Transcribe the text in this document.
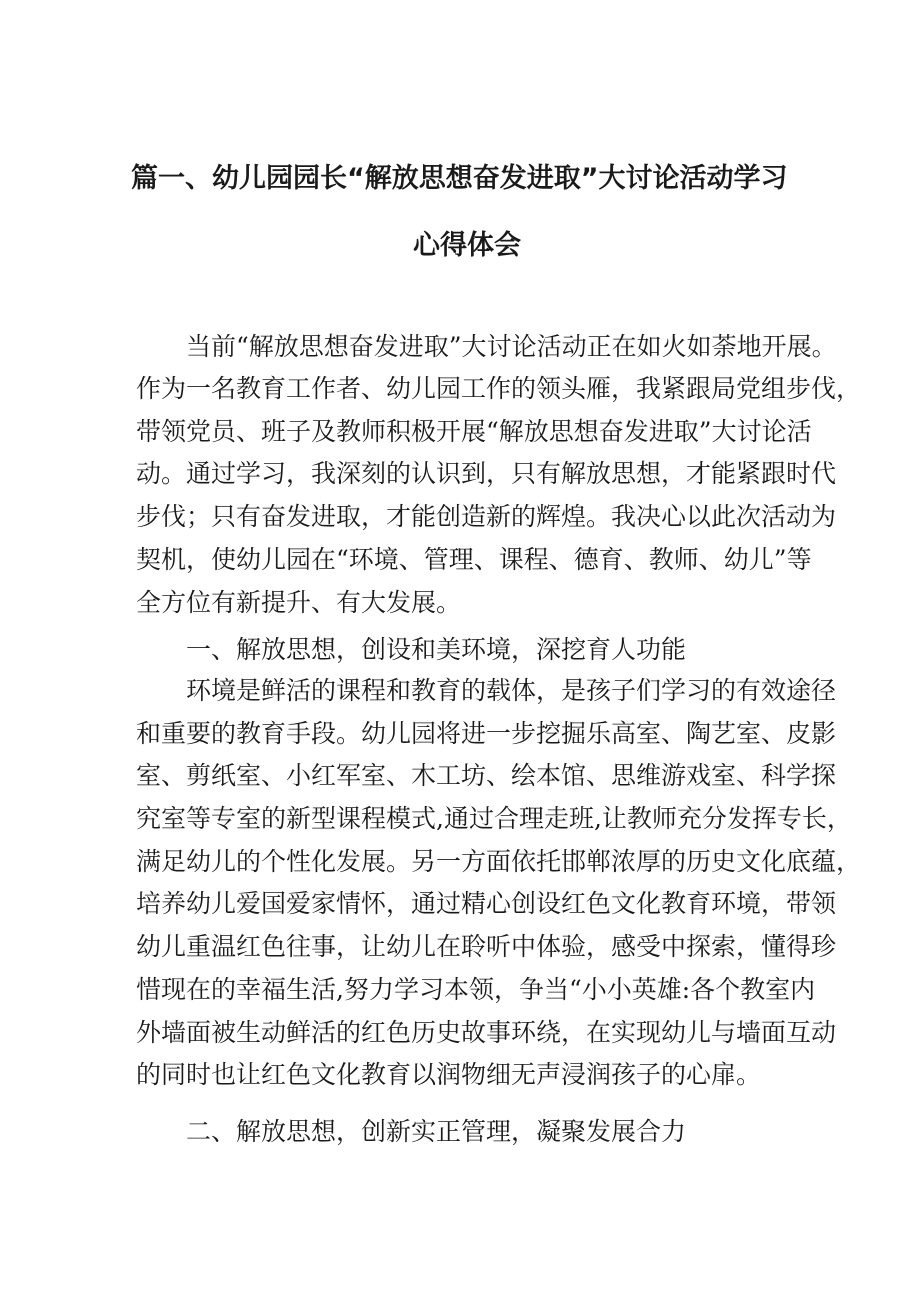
篇一、幼儿园园长“解放思想奋发进取”大讨论活动学习
心得体会

当前“解放思想奋发进取”大讨论活动正在如火如荼地开展。

作为一名教育工作者、幼儿园工作的领头雁，我紧跟局党组步伐，

带领党员、班子及教师积极开展“解放思想奋发进取”大讨论活

动。通过学习，我深刻的认识到，只有解放思想，才能紧跟时代

步伐；只有奋发进取，才能创造新的辉煌。我决心以此次活动为

契机，使幼儿园在“环境、管理、课程、德育、教师、幼儿”等

全方位有新提升、有大发展。

一、解放思想，创设和美环境，深挖育人功能

环境是鲜活的课程和教育的载体，是孩子们学习的有效途径

和重要的教育手段。幼儿园将进一步挖掘乐高室、陶艺室、皮影

室、剪纸室、小红军室、木工坊、绘本馆、思维游戏室、科学探

究室等专室的新型课程模式,通过合理走班,让教师充分发挥专长，

满足幼儿的个性化发展。另一方面依托邯郸浓厚的历史文化底蕴，

培养幼儿爱国爱家情怀，通过精心创设红色文化教育环境，带领

幼儿重温红色往事，让幼儿在聆听中体验，感受中探索，懂得珍

惜现在的幸福生活,努力学习本领，争当“小小英雄:各个教室内

外墙面被生动鲜活的红色历史故事环绕，在实现幼儿与墙面互动

的同时也让红色文化教育以润物细无声浸润孩子的心扉。

二、解放思想，创新实正管理，凝聚发展合力
